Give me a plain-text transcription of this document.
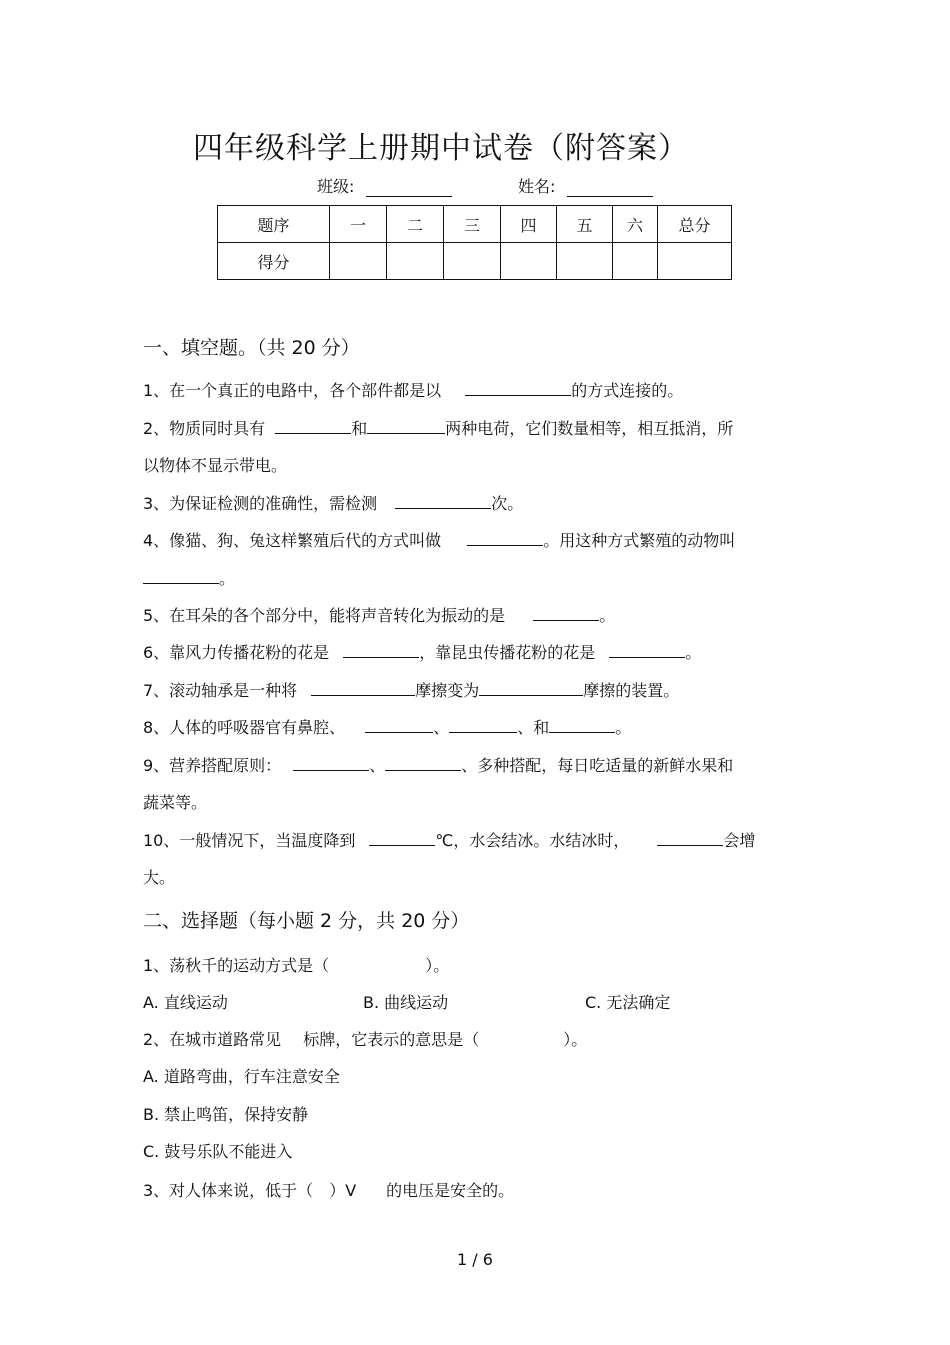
四年级科学上册期中试卷（附答案）
班级:	姓名:
题序	一	二	三	四	五	六	总分
得分							
一、填空题。（共 20 分）
1、在一个真正的电路中，各个部件都是以	的方式连接的。
2、物质同时具有	和	两种电荷，它们数量相等，相互抵消，所
以物体不显示带电。
3、为保证检测的准确性，需检测	次。
4、像猫、狗、兔这样繁殖后代的方式叫做	。用这种方式繁殖的动物叫
。
5、在耳朵的各个部分中，能将声音转化为振动的是	。
6、靠风力传播花粉的花是	，靠昆虫传播花粉的花是	。
7、滚动轴承是一种将	摩擦变为	摩擦的装置。
8、人体的呼吸器官有鼻腔、	、	、和	。
9、营养搭配原则：	、	、多种搭配，每日吃适量的新鲜水果和
蔬菜等。
10、一般情况下，当温度降到	℃，水会结冰。水结冰时，	会增
大。
二、选择题（每小题 2 分，共 20 分）
1、荡秋千的运动方式是（	）。
A. 直线运动	B. 曲线运动	C. 无法确定
2、在城市道路常见 标牌，它表示的意思是（	）。
A. 道路弯曲，行车注意安全
B. 禁止鸣笛，保持安静
C. 鼓号乐队不能进入
3、对人体来说，低于（ ）V 的电压是安全的。
1 / 6
